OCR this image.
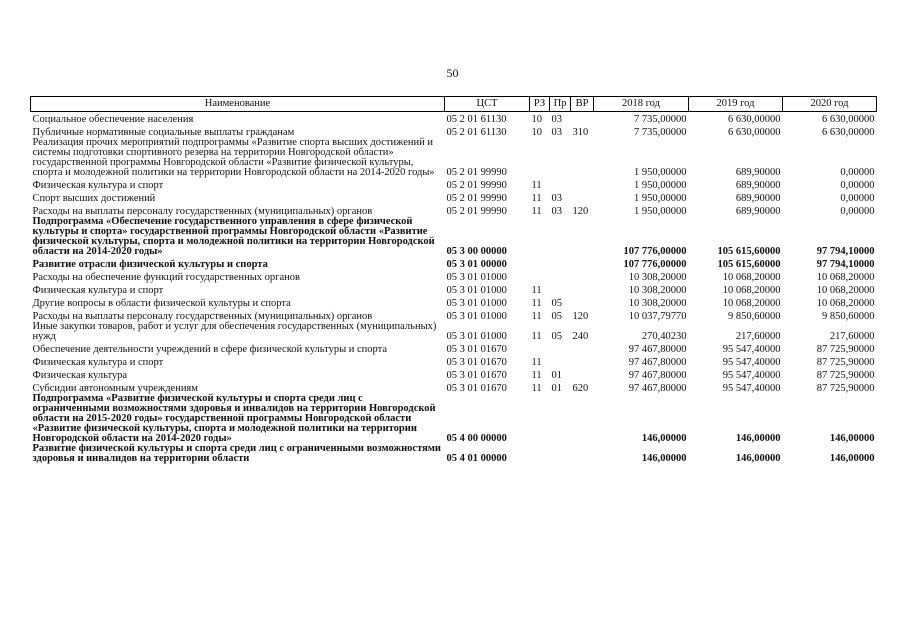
50
Наименование	ЦСТ	РЗ	Пр	ВР	2018 год	2019 год	2020 год
Социальное обеспечение населения	05 2 01 61130	10	03		7 735,00000	6 630,00000	6 630,00000
Публичные нормативные социальные выплаты гражданам	05 2 01 61130	10	03	310	7 735,00000	6 630,00000	6 630,00000
Реализация прочих мероприятий подпрограммы «Развитие спорта высших достижений и системы подготовки спортивного резерва на территории Новгородской области» государственной программы Новгородской области «Развитие физической культуры, спорта и молодежной политики на территории Новгородской области на 2014-2020 годы»	05 2 01 99990				1 950,00000	689,90000	0,00000
Физическая культура и спорт	05 2 01 99990	11			1 950,00000	689,90000	0,00000
Спорт высших достижений	05 2 01 99990	11	03		1 950,00000	689,90000	0,00000
Расходы на выплаты персоналу государственных (муниципальных) органов	05 2 01 99990	11	03	120	1 950,00000	689,90000	0,00000
Подпрограмма «Обеспечение государственного управления в сфере физической культуры и спорта» государственной программы Новгородской области «Развитие физической культуры, спорта и молодежной политики на территории Новгородской области на 2014-2020 годы»	05 3 00 00000				107 776,00000	105 615,60000	97 794,10000
Развитие отрасли физической культуры и спорта	05 3 01 00000				107 776,00000	105 615,60000	97 794,10000
Расходы на обеспечение функций государственных органов	05 3 01 01000				10 308,20000	10 068,20000	10 068,20000
Физическая культура и спорт	05 3 01 01000	11			10 308,20000	10 068,20000	10 068,20000
Другие вопросы в области физической культуры и спорта	05 3 01 01000	11	05		10 308,20000	10 068,20000	10 068,20000
Расходы на выплаты персоналу государственных (муниципальных) органов	05 3 01 01000	11	05	120	10 037,79770	9 850,60000	9 850,60000
Иные закупки товаров, работ и услуг для обеспечения государственных (муниципальных) нужд	05 3 01 01000	11	05	240	270,40230	217,60000	217,60000
Обеспечение деятельности учреждений в сфере физической культуры и спорта	05 3 01 01670				97 467,80000	95 547,40000	87 725,90000
Физическая культура и спорт	05 3 01 01670	11			97 467,80000	95 547,40000	87 725,90000
Физическая культура	05 3 01 01670	11	01		97 467,80000	95 547,40000	87 725,90000
Субсидии автономным учреждениям	05 3 01 01670	11	01	620	97 467,80000	95 547,40000	87 725,90000
Подпрограмма «Развитие физической культуры и спорта среди лиц с ограниченными возможностями здоровья и инвалидов на территории Новгородской области на 2015-2020 годы» государственной программы Новгородской области «Развитие физической культуры, спорта и молодежной политики на территории Новгородской области на 2014-2020 годы»	05 4 00 00000				146,00000	146,00000	146,00000
Развитие физической культуры и спорта среди лиц с ограниченными возможностями здоровья и инвалидов на территории области	05 4 01 00000				146,00000	146,00000	146,00000
